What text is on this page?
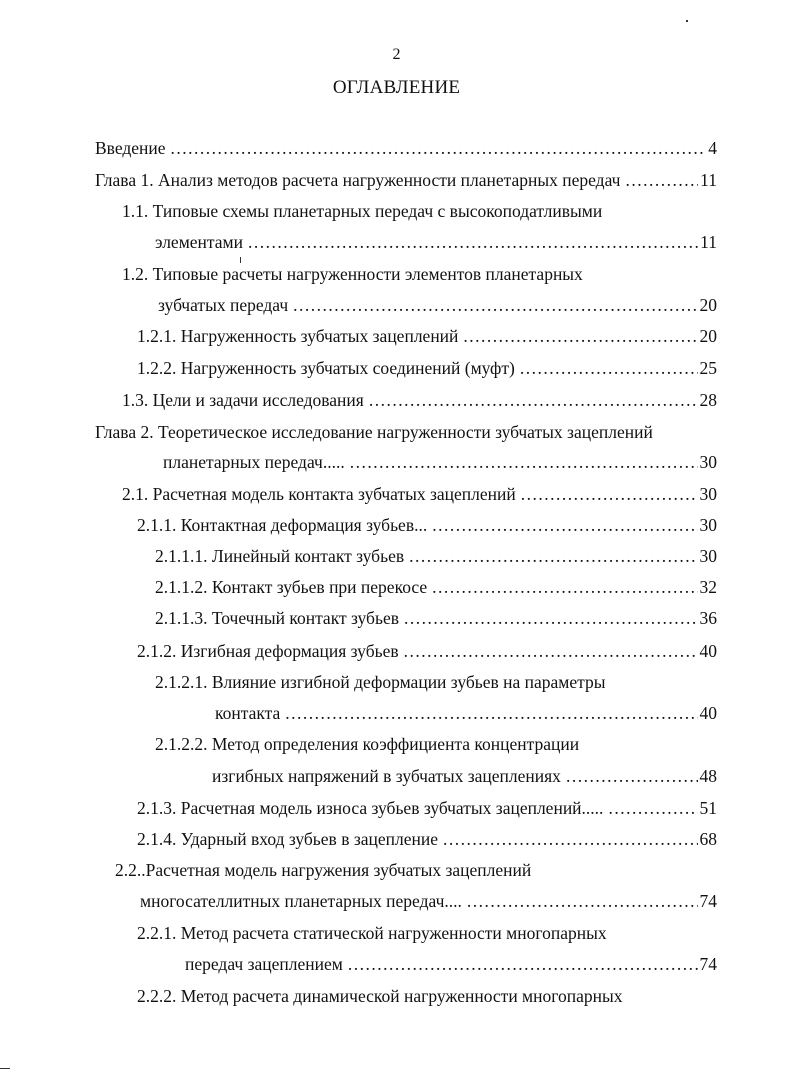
2
ОГЛАВЛЕНИЕ
Введение .....	4
Глава 1. Анализ методов расчета нагруженности планетарных передач .....	11
1.1. Типовые схемы планетарных передач с высокоподатливыми
элементами .....	11
1.2. Типовые расчеты нагруженности элементов планетарных
зубчатых передач .....	20
1.2.1. Нагруженность зубчатых зацеплений .....	20
1.2.2. Нагруженность зубчатых соединений (муфт) .....	25
1.3. Цели и задачи исследования .....	28
Глава 2. Теоретическое исследование нагруженности зубчатых зацеплений
планетарных передач..... .....	30
2.1. Расчетная модель контакта зубчатых зацеплений .....	30
2.1.1. Контактная деформация зубьев... .....	30
2.1.1.1. Линейный контакт зубьев .....	30
2.1.1.2. Контакт зубьев при перекосе .....	32
2.1.1.3. Точечный контакт зубьев .....	36
2.1.2. Изгибная деформация зубьев .....	40
2.1.2.1. Влияние изгибной деформации зубьев на параметры
контакта .....	40
2.1.2.2. Метод определения коэффициента концентрации
изгибных напряжений в зубчатых зацеплениях .....	48
2.1.3. Расчетная модель износа зубьев зубчатых зацеплений..... .....	51
2.1.4. Ударный вход зубьев в зацепление .....	68
2.2..Расчетная модель нагружения зубчатых зацеплений
многосателлитных планетарных передач.... .....	74
2.2.1. Метод расчета статической нагруженности многопарных
передач зацеплением .....	74
2.2.2. Метод расчета динамической нагруженности многопарных
